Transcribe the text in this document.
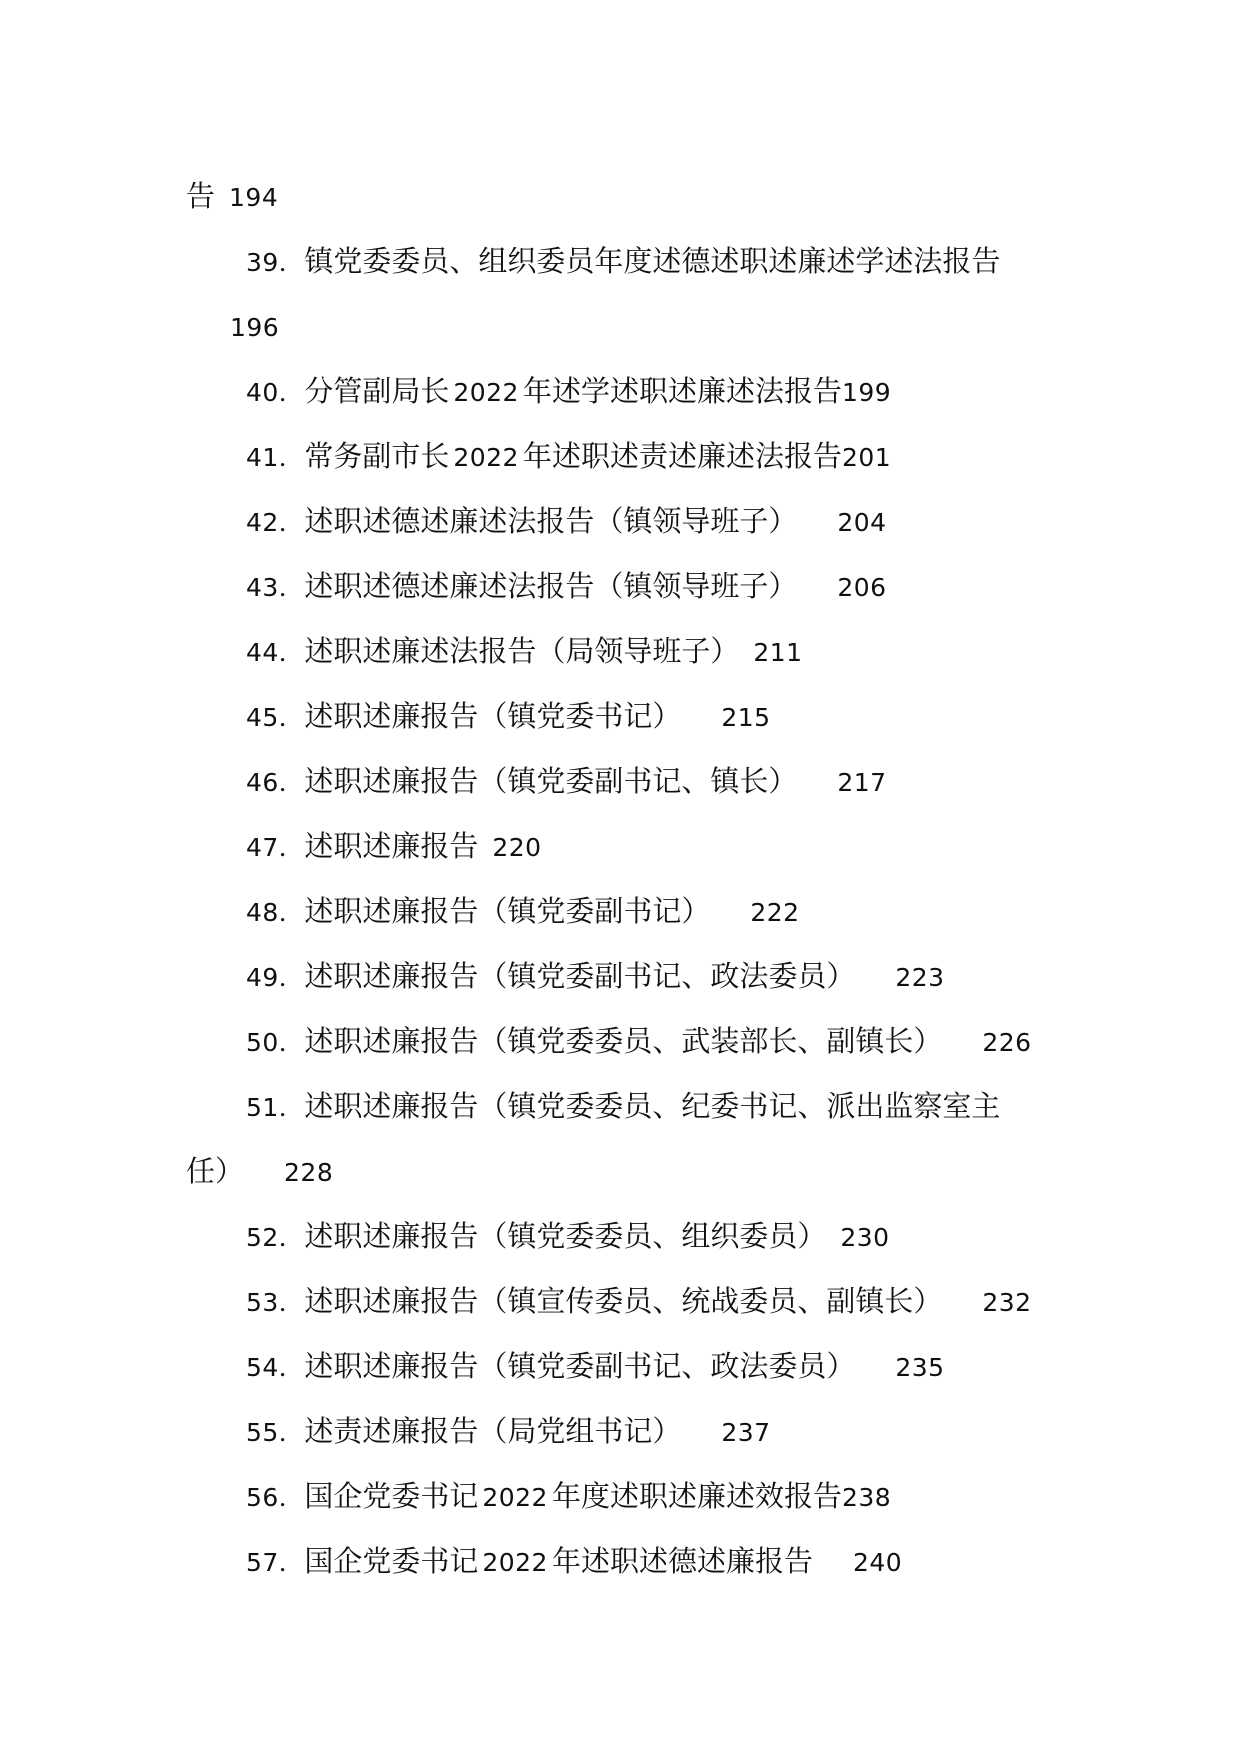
告 194
39．镇党委委员、组织委员年度述德述职述廉述学述法报告
196
40．分管副局长 2022 年述学述职述廉述法报告199
41．常务副市长 2022 年述职述责述廉述法报告201
42．述职述德述廉述法报告（镇领导班子） 204
43．述职述德述廉述法报告（镇领导班子） 206
44．述职述廉述法报告（局领导班子） 211
45．述职述廉报告（镇党委书记） 215
46．述职述廉报告（镇党委副书记、镇长） 217
47．述职述廉报告 220
48．述职述廉报告（镇党委副书记） 222
49．述职述廉报告（镇党委副书记、政法委员） 223
50．述职述廉报告（镇党委委员、武装部长、副镇长） 226
51．述职述廉报告（镇党委委员、纪委书记、派出监察室主
任） 228
52．述职述廉报告（镇党委委员、组织委员） 230
53．述职述廉报告（镇宣传委员、统战委员、副镇长） 232
54．述职述廉报告（镇党委副书记、政法委员） 235
55．述责述廉报告（局党组书记） 237
56．国企党委书记 2022 年度述职述廉述效报告238
57．国企党委书记 2022 年述职述德述廉报告 240
